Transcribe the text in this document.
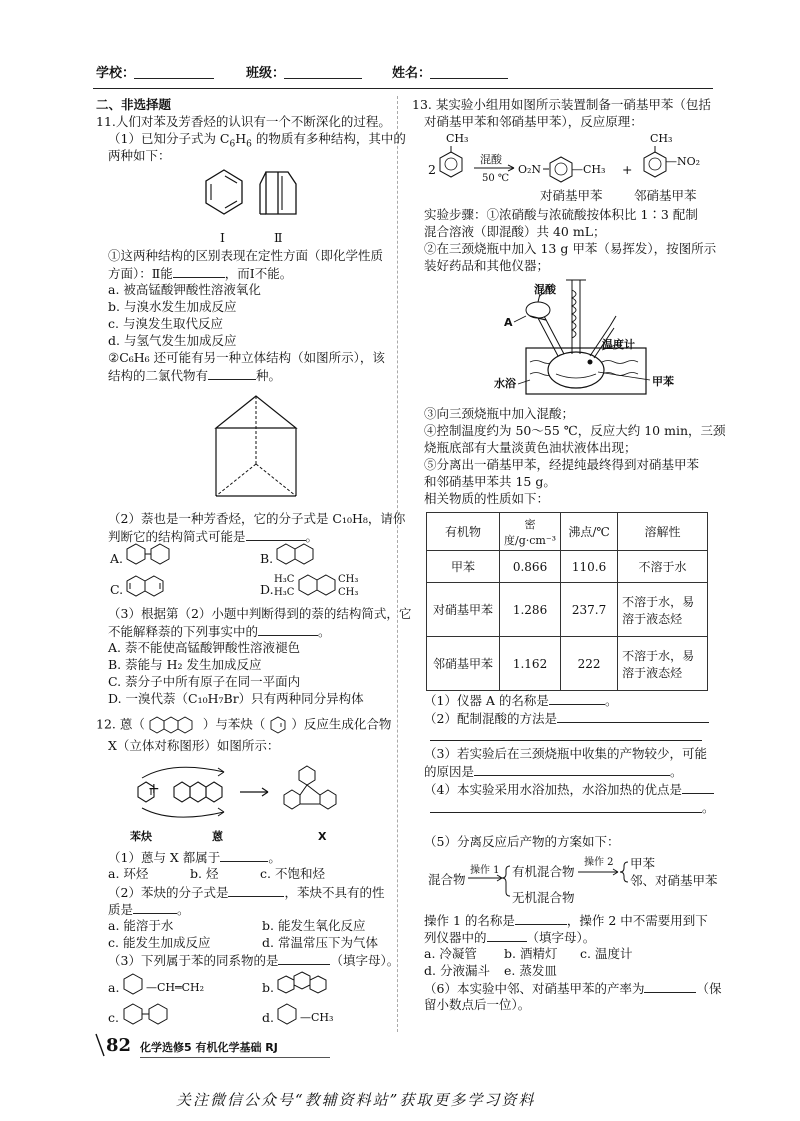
学校：	班级：	姓名：
二、非选择题
11.人们对苯及芳香烃的认识有一个不断深化的过程。
（1）已知分子式为 $C_6H_6$ 的物质有多种结构，其中的
两种如下：
Ⅰ	Ⅱ
①这两种结构的区别表现在定性方面（即化学性质
方面）：Ⅱ能	，而Ⅰ不能。
a. 被高锰酸钾酸性溶液氧化
b. 与溴水发生加成反应
c. 与溴发生取代反应
d. 与氢气发生加成反应
②C₆H₆ 还可能有另一种立体结构（如图所示），该
结构的二氯代物有	种。
（2）萘也是一种芳香烃，它的分子式是 C₁₀H₈，请你
判断它的结构简式可能是	。
A.	B.
C.	D.
H₃C
H₃C
CH₃
CH₃
（3）根据第（2）小题中判断得到的萘的结构简式，它
不能解释萘的下列事实中的	。
A. 萘不能使高锰酸钾酸性溶液褪色
B. 萘能与 H₂ 发生加成反应
C. 萘分子中所有原子在同一平面内
D. 一溴代萘（C₁₀H₇Br）只有两种同分异构体
12. 蒽（	）与苯炔（ ）反应生成化合物
X（立体对称图形）如图所示：
+
苯炔	蒽	X
（1）蒽与 X 都属于	。
a. 环烃	b. 烃	c. 不饱和烃
（2）苯炔的分子式是	，苯炔不具有的性
质是	。
a. 能溶于水	b. 能发生氧化反应
c. 能发生加成反应	d. 常温常压下为气体
（3）下列属于苯的同系物的是	（填字母）。
a. —CH═CH₂	b.
c.	d. —CH₃
13. 某实验小组用如图所示装置制备一硝基甲苯（包括
对硝基甲苯和邻硝基甲苯），反应原理：
CH₃
2
混酸
50 ℃
O₂N	—CH₃ +
CH₃
—NO₂
对硝基甲苯	邻硝基甲苯
实验步骤：①浓硝酸与浓硫酸按体积比 1∶3 配制
混合溶液（即混酸）共 40 mL；
②在三颈烧瓶中加入 13 g 甲苯（易挥发），按图所示
装好药品和其他仪器；
混酸
A
温度计
水浴	甲苯
③向三颈烧瓶中加入混酸；
④控制温度约为 50～55 ℃，反应大约 10 min，三颈
烧瓶底部有大量淡黄色油状液体出现；
⑤分离出一硝基甲苯，经提纯最终得到对硝基甲苯
和邻硝基甲苯共 15 g。
相关物质的性质如下：
有机物	密度/g·cm⁻³	沸点/℃	溶解性
甲苯	0.866	110.6	不溶于水
对硝基甲苯	1.286	237.7	不溶于水，易溶于液态烃
邻硝基甲苯	1.162	222	不溶于水，易溶于液态烃
（1）仪器 A 的名称是	。
（2）配制混酸的方法是
（3）若实验后在三颈烧瓶中收集的产物较少，可能
的原因是	。
（4）本实验采用水浴加热，水浴加热的优点是
。
（5）分离反应后产物的方案如下：
混合物
操作 1 有机混合物
操作 2 甲苯
邻、对硝基甲苯
无机混合物
操作 1 的名称是	，操作 2 中不需要用到下
列仪器中的	（填字母）。
a. 冷凝管 b. 酒精灯 c. 温度计
d. 分液漏斗 e. 蒸发皿
（6）本实验中邻、对硝基甲苯的产率为	（保
留小数点后一位）。
82 化学选修5 有机化学基础 RJ
关注微信公众号“教辅资料站”获取更多学习资料
